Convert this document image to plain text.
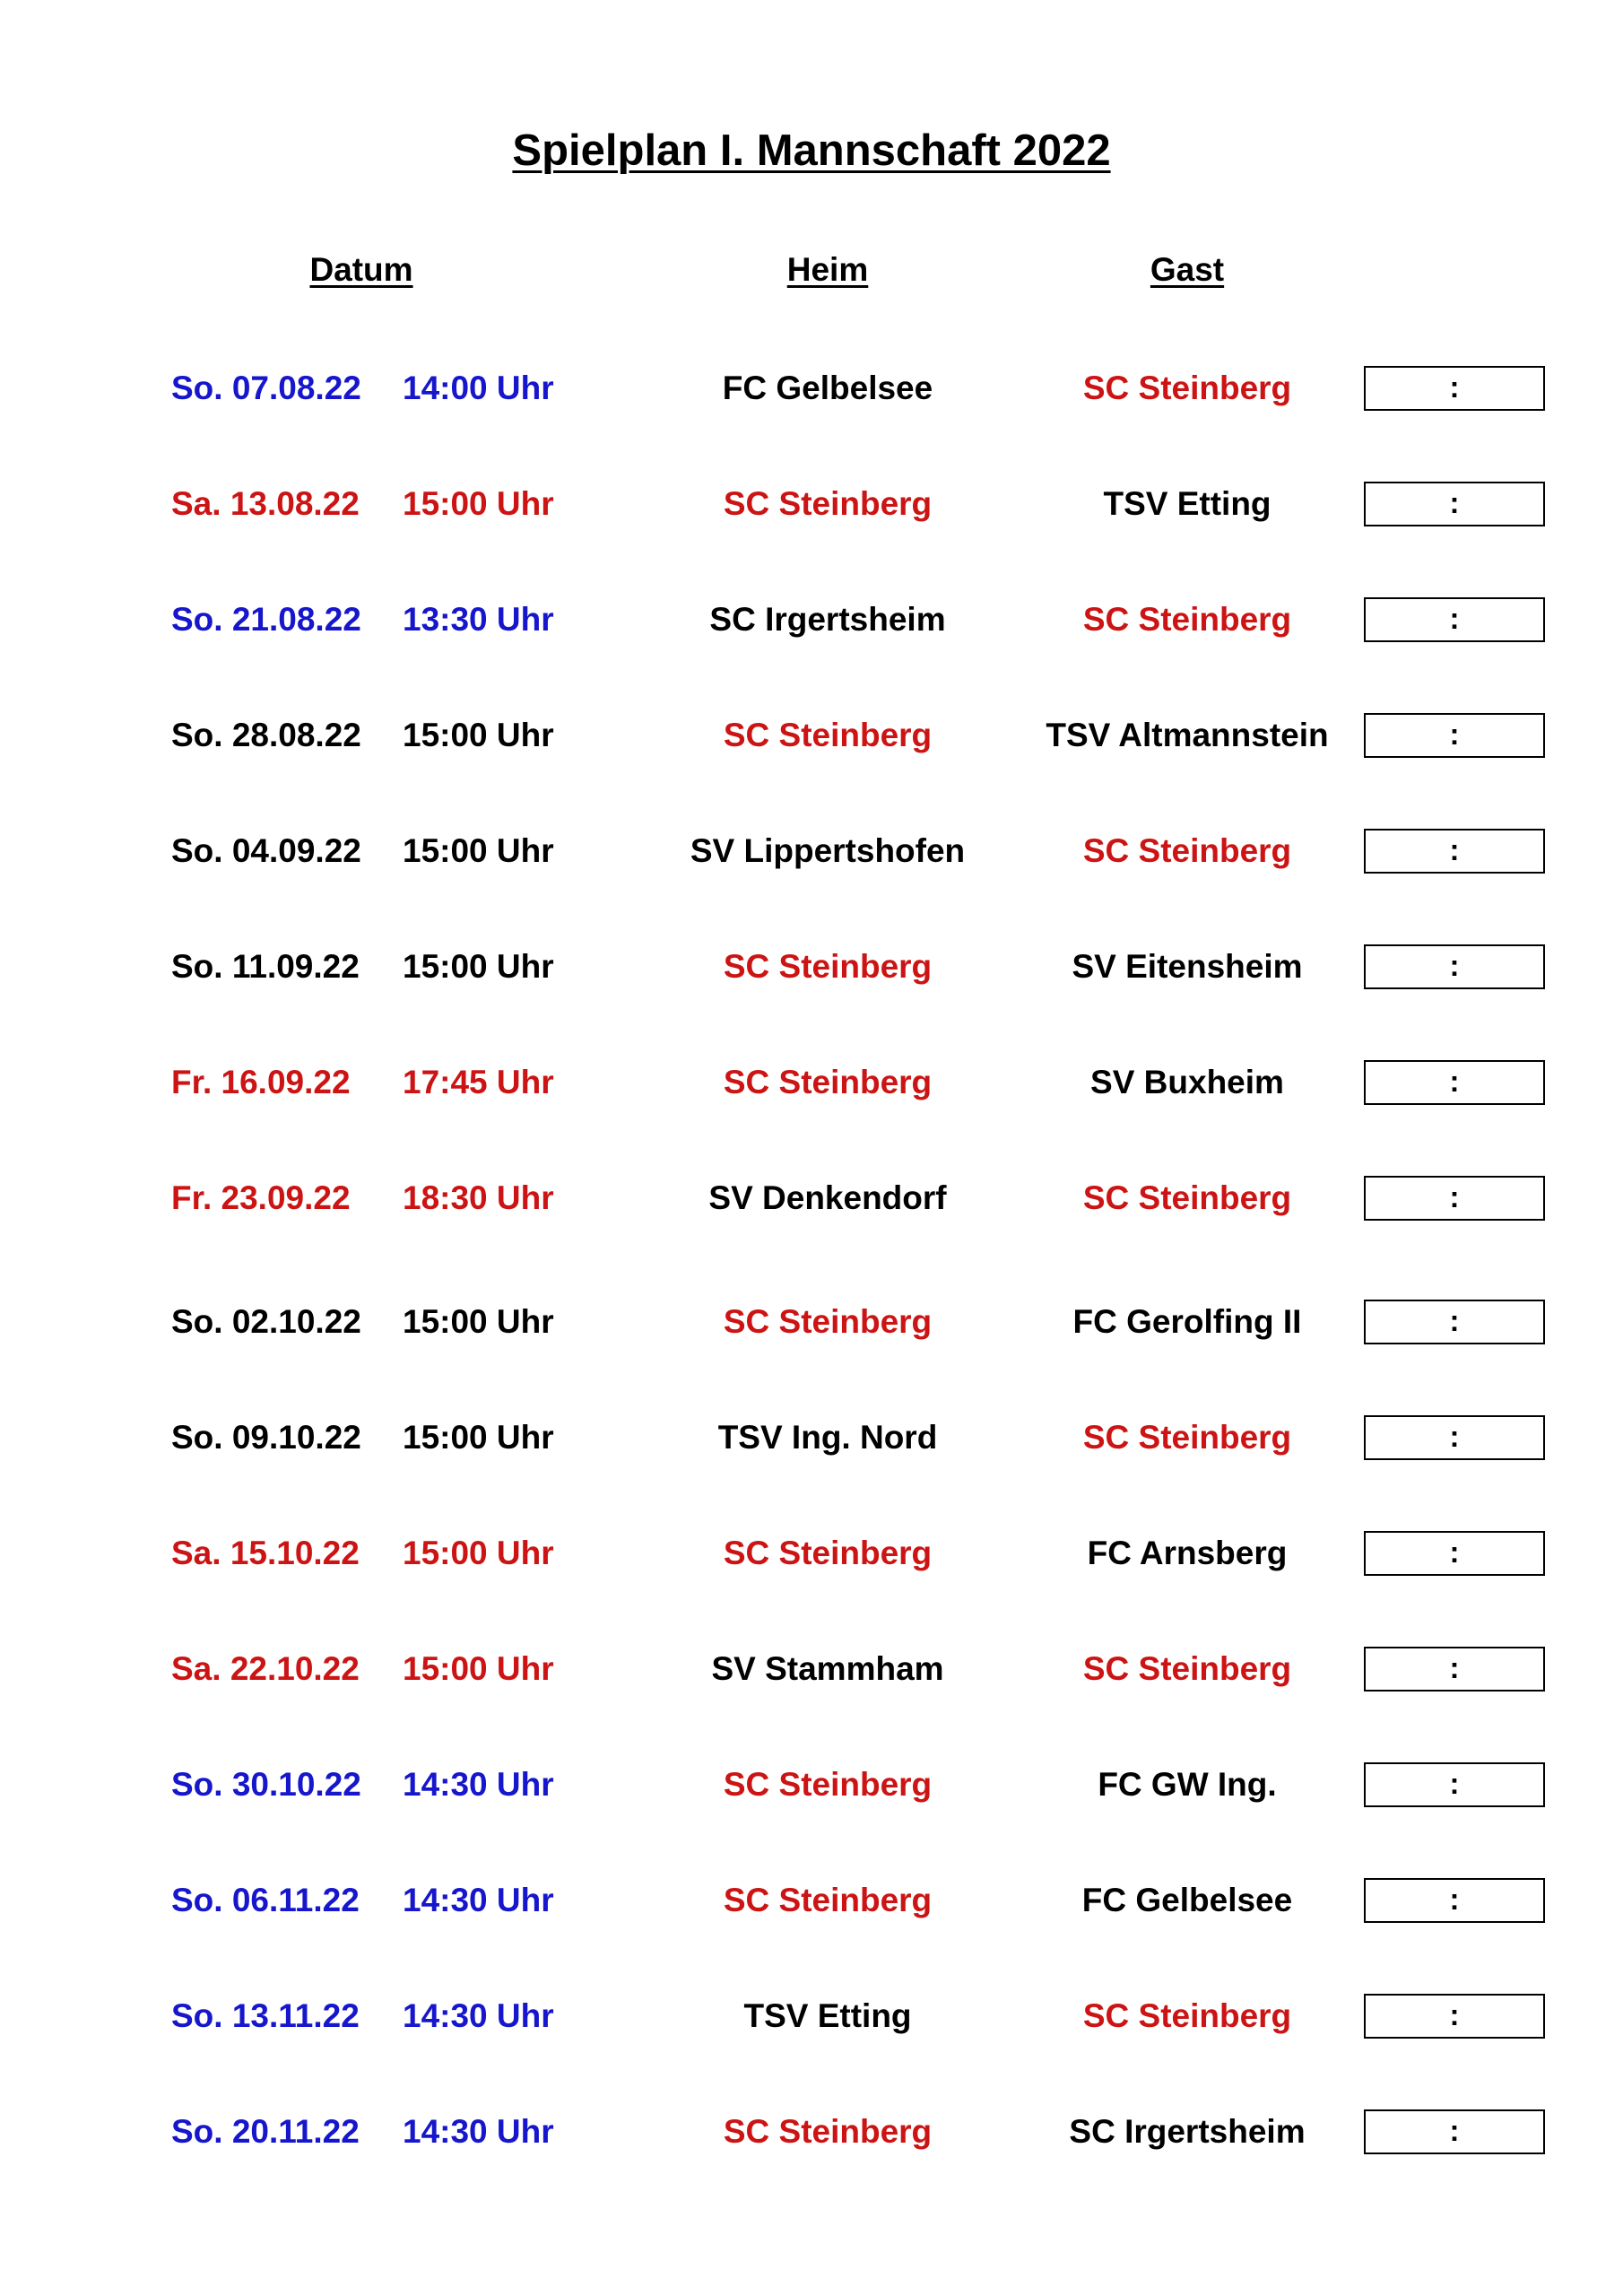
Spielplan I. Mannschaft 2022
Datum	Heim	Gast
So. 07.08.22 14:00 Uhr	FC Gelbelsee	SC Steinberg	:
Sa. 13.08.22 15:00 Uhr	SC Steinberg	TSV Etting	:
So. 21.08.22 13:30 Uhr	SC Irgertsheim	SC Steinberg	:
So. 28.08.22 15:00 Uhr	SC Steinberg	TSV Altmannstein	:
So. 04.09.22 15:00 Uhr	SV Lippertshofen	SC Steinberg	:
So. 11.09.22 15:00 Uhr	SC Steinberg	SV Eitensheim	:
Fr. 16.09.22 17:45 Uhr	SC Steinberg	SV Buxheim	:
Fr. 23.09.22 18:30 Uhr	SV Denkendorf	SC Steinberg	:
So. 02.10.22 15:00 Uhr	SC Steinberg	FC Gerolfing II	:
So. 09.10.22 15:00 Uhr	TSV Ing. Nord	SC Steinberg	:
Sa. 15.10.22 15:00 Uhr	SC Steinberg	FC Arnsberg	:
Sa. 22.10.22 15:00 Uhr	SV Stammham	SC Steinberg	:
So. 30.10.22 14:30 Uhr	SC Steinberg	FC GW Ing.	:
So. 06.11.22 14:30 Uhr	SC Steinberg	FC Gelbelsee	:
So. 13.11.22 14:30 Uhr	TSV Etting	SC Steinberg	:
So. 20.11.22 14:30 Uhr	SC Steinberg	SC Irgertsheim	:
